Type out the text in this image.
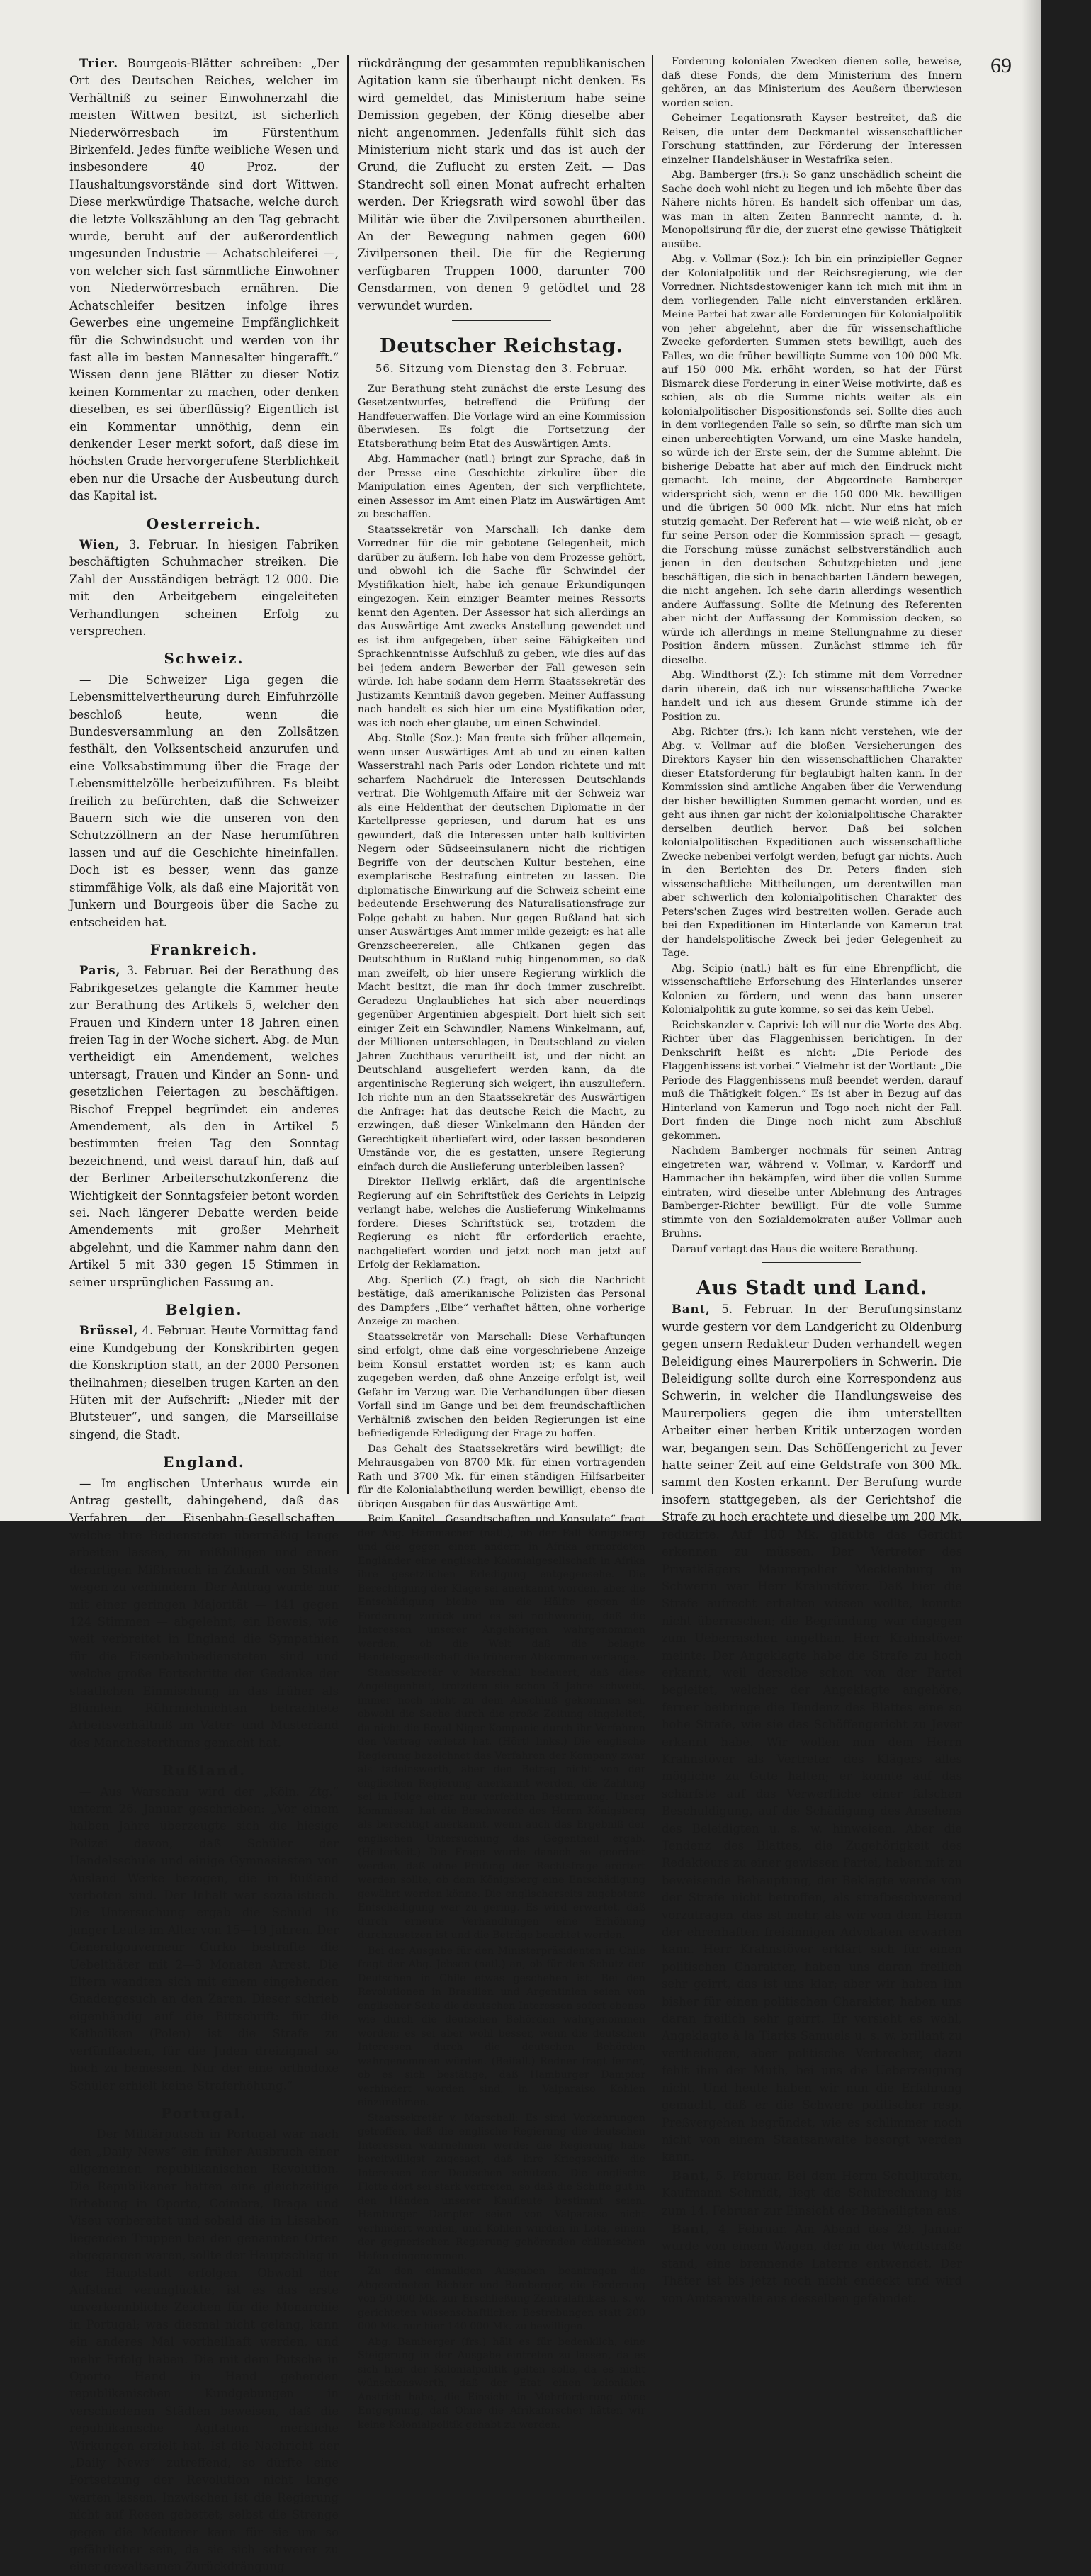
69

Trier. Bourgeois-Blätter schreiben: „Der Ort des Deutschen Reiches, welcher im Verhältniß zu seiner Einwohnerzahl die meisten Wittwen besitzt, ist sicherlich Niederwörresbach im Fürstenthum Birkenfeld. Jedes fünfte weibliche Wesen und insbesondere 40 Proz. der Haushaltungsvorstände sind dort Wittwen. Diese merkwürdige Thatsache, welche durch die letzte Volkszählung an den Tag gebracht wurde, beruht auf der außerordentlich ungesunden Industrie — Achatschleiferei —, von welcher sich fast sämmtliche Einwohner von Niederwörresbach ernähren. Die Achatschleifer besitzen infolge ihres Gewerbes eine ungemeine Empfänglichkeit für die Schwindsucht und werden von ihr fast alle im besten Mannesalter hingerafft.“ Wissen denn jene Blätter zu dieser Notiz keinen Kommentar zu machen, oder denken dieselben, es sei überflüssig? Eigentlich ist ein Kommentar unnöthig, denn ein denkender Leser merkt sofort, daß diese im höchsten Grade hervorgerufene Sterblichkeit eben nur die Ursache der Ausbeutung durch das Kapital ist.

Oesterreich.

Wien, 3. Februar. In hiesigen Fabriken beschäftigten Schuhmacher streiken. Die Zahl der Ausständigen beträgt 12 000. Die mit den Arbeitgebern eingeleiteten Verhandlungen scheinen Erfolg zu versprechen.

Schweiz.

— Die Schweizer Liga gegen die Lebensmittelvertheurung durch Einfuhrzölle beschloß heute, wenn die Bundesversammlung an den Zollsätzen festhält, den Volksentscheid anzurufen und eine Volksabstimmung über die Frage der Lebensmittelzölle herbeizuführen. Es bleibt freilich zu befürchten, daß die Schweizer Bauern sich wie die unseren von den Schutzzöllnern an der Nase herumführen lassen und auf die Geschichte hineinfallen. Doch ist es besser, wenn das ganze stimmfähige Volk, als daß eine Majorität von Junkern und Bourgeois über die Sache zu entscheiden hat.

Frankreich.

Paris, 3. Februar. Bei der Berathung des Fabrikgesetzes gelangte die Kammer heute zur Berathung des Artikels 5, welcher den Frauen und Kindern unter 18 Jahren einen freien Tag in der Woche sichert. Abg. de Mun vertheidigt ein Amendement, welches untersagt, Frauen und Kinder an Sonn- und gesetzlichen Feiertagen zu beschäftigen. Bischof Freppel begründet ein anderes Amendement, als den in Artikel 5 bestimmten freien Tag den Sonntag bezeichnend, und weist darauf hin, daß auf der Berliner Arbeiterschutzkonferenz die Wichtigkeit der Sonntagsfeier betont worden sei. Nach längerer Debatte werden beide Amendements mit großer Mehrheit abgelehnt, und die Kammer nahm dann den Artikel 5 mit 330 gegen 15 Stimmen in seiner ursprünglichen Fassung an.

Belgien.

Brüssel, 4. Februar. Heute Vormittag fand eine Kundgebung der Konskribirten gegen die Konskription statt, an der 2000 Personen theilnahmen; dieselben trugen Karten an den Hüten mit der Aufschrift: „Nieder mit der Blutsteuer“, und sangen, die Marseillaise singend, die Stadt.

England.

— Im englischen Unterhaus wurde ein Antrag gestellt, dahingehend, daß das Verfahren der Eisenbahn-Gesellschaften, welche ihre Bediensteten übermäßig lange arbeiten lassen, zu mißbilligen und einen derartigen Mißbrauch in Zukunft von Staats wegen zu verhindern. Der Antrag wurde nur mit einer geringen Majorität — 141 gegen 124 Stimmen — abgelehnt; ein Beweis, wie weit verbreitet in England die Sympathien für die Eisenbahnbediensteten sind und welche große Fortschritte der Gedanke der staatlichen Einmischung in das früher als Blümlein Rührmichnichtan betrachtete Arbeitsverhältniß im Vater- und Musterland des Manchesterthums gemacht hat.

Rußland.

— Aus Warschau wird der „Köln. Ztg.“ unterm 26. Januar geschrieben: „Vor einem halben Jahre überzeugte sich die hiesige Polizei davon, daß Schüler der Handelsschule und einige Gymnasiasten von Ausland Werke bezogen, die in Rußland verboten sind. Der Inhalt war sozialistisch. Die Untersuchung ergab die Schuld 16 junger Leute im Alter von 15—19 Jahren. Der Generalgouverneur Gurko bestrafte die Uebelthäter mit 2—3 Monaten Arrest. Die Eltern wandten sich mit einem eingehenden Gnadengesuch an den Zaren. Dieser schrieb eigenhändig auf die Bittschrift: für die Katholiken (Polen) ist die Strafe zu verfünffachen, für die Juden dreizigmal so hoch zu bemessen. Nur der eine orthodoxe Schüler erhielt keine Straferhöhung.“

Portugal.

— Der Militärputsch in Portugal war nach den „Daily News“ ein früher Ausbruch einer allgemeinen republikanischen Revolution. Die Republikaner hatten eine gleichzeitige Erhebung in Oporto, Coimbra, Braga und Viseu vorbereitet und sobald die in Lissabon liegenden Truppen bei den genannten Orten abgegangen waren, sollte der Hauptschlag in der Hauptstadt erfolgen. Obwohl der Aufstand verunglückte, ist es das erste unverkennbliche Zeichen für die Monarchie in Portugal; was diesmal nicht gelang, kann ein anderes Mal vortheilhaft werden, und mehr Erfolg haben. Die mit dem Putsche in Oporto Hand in Hand gehenden republikanischen Kundgebungen in verschiedenen Städten beweisen, daß die republikanische Agitation merkliche Wirkungen erzielt hat. Ist die Nachricht der „Daily News“ zutreffend, so dürfte eine Fortsetzung der Revolution nicht lange warten lassen. Inzwischen ist die Regierung nicht auf Rosen gebettet; selbst die Strenge gegen die Meuterer kann für sie um so gefährlicher sein, da sie sich schwerer zu einer gewaltsamen Zurückdrängung

rückdrängung der gesammten republikanischen Agitation kann sie überhaupt nicht denken. Es wird gemeldet, das Ministerium habe seine Demission gegeben, der König dieselbe aber nicht angenommen. Jedenfalls fühlt sich das Ministerium nicht stark und das ist auch der Grund, die Zuflucht zu ersten Zeit. — Das Standrecht soll einen Monat aufrecht erhalten werden. Der Kriegsrath wird sowohl über das Militär wie über die Zivilpersonen aburtheilen. An der Bewegung nahmen gegen 600 Zivilpersonen theil. Die für die Regierung verfügbaren Truppen 1000, darunter 700 Gensdarmen, von denen 9 getödtet und 28 verwundet wurden.

Deutscher Reichstag.
56. Sitzung vom Dienstag den 3. Februar.

Zur Berathung steht zunächst die erste Lesung des Gesetzentwurfes, betreffend die Prüfung der Handfeuerwaffen. Die Vorlage wird an eine Kommission überwiesen. Es folgt die Fortsetzung der Etatsberathung beim Etat des Auswärtigen Amts.

Abg. Hammacher (natl.) bringt zur Sprache, daß in der Presse eine Geschichte zirkulire über die Manipulation eines Agenten, der sich verpflichtete, einen Assessor im Amt einen Platz im Auswärtigen Amt zu beschaffen.

Staatssekretär von Marschall: Ich danke dem Vorredner für die mir gebotene Gelegenheit, mich darüber zu äußern. Ich habe von dem Prozesse gehört, und obwohl ich die Sache für Schwindel der Mystifikation hielt, habe ich genaue Erkundigungen eingezogen. Kein einziger Beamter meines Ressorts kennt den Agenten. Der Assessor hat sich allerdings an das Auswärtige Amt zwecks Anstellung gewendet und es ist ihm aufgegeben, über seine Fähigkeiten und Sprachkenntnisse Aufschluß zu geben, wie dies auf das bei jedem andern Bewerber der Fall gewesen sein würde. Ich habe sodann dem Herrn Staatssekretär des Justizamts Kenntniß davon gegeben. Meiner Auffassung nach handelt es sich hier um eine Mystifikation oder, was ich noch eher glaube, um einen Schwindel.

Abg. Stolle (Soz.): Man freute sich früher allgemein, wenn unser Auswärtiges Amt ab und zu einen kalten Wasserstrahl nach Paris oder London richtete und mit scharfem Nachdruck die Interessen Deutschlands vertrat. Die Wohlgemuth-Affaire mit der Schweiz war als eine Heldenthat der deutschen Diplomatie in der Kartellpresse gepriesen, und darum hat es uns gewundert, daß die Interessen unter halb kultivirten Negern oder Südseeinsulanern nicht die richtigen Begriffe von der deutschen Kultur bestehen, eine exemplarische Bestrafung eintreten zu lassen. Die diplomatische Einwirkung auf die Schweiz scheint eine bedeutende Erschwerung des Naturalisationsfrage zur Folge gehabt zu haben. Nur gegen Rußland hat sich unser Auswärtiges Amt immer milde gezeigt; es hat alle Grenzscheerereien, alle Chikanen gegen das Deutschthum in Rußland ruhig hingenommen, so daß man zweifelt, ob hier unsere Regierung wirklich die Macht besitzt, die man ihr doch immer zuschreibt. Geradezu Unglaubliches hat sich aber neuerdings gegenüber Argentinien abgespielt. Dort hielt sich seit einiger Zeit ein Schwindler, Namens Winkelmann, auf, der Millionen unterschlagen, in Deutschland zu vielen Jahren Zuchthaus verurtheilt ist, und der nicht an Deutschland ausgeliefert werden kann, da die argentinische Regierung sich weigert, ihn auszuliefern. Ich richte nun an den Staatssekretär des Auswärtigen die Anfrage: hat das deutsche Reich die Macht, zu erzwingen, daß dieser Winkelmann den Händen der Gerechtigkeit überliefert wird, oder lassen besonderen Umstände vor, die es gestatten, unsere Regierung einfach durch die Auslieferung unterbleiben lassen?

Direktor Hellwig erklärt, daß die argentinische Regierung auf ein Schriftstück des Gerichts in Leipzig verlangt habe, welches die Auslieferung Winkelmanns fordere. Dieses Schriftstück sei, trotzdem die Regierung es nicht für erforderlich erachte, nachgeliefert worden und jetzt noch man jetzt auf Erfolg der Reklamation.

Abg. Sperlich (Z.) fragt, ob sich die Nachricht bestätige, daß amerikanische Polizisten das Personal des Dampfers „Elbe“ verhaftet hätten, ohne vorherige Anzeige zu machen.

Staatssekretär von Marschall: Diese Verhaftungen sind erfolgt, ohne daß eine vorgeschriebene Anzeige beim Konsul erstattet worden ist; es kann auch zugegeben werden, daß ohne Anzeige erfolgt ist, weil Gefahr im Verzug war. Die Verhandlungen über diesen Vorfall sind im Gange und bei dem freundschaftlichen Verhältniß zwischen den beiden Regierungen ist eine befriedigende Erledigung der Frage zu hoffen.

Das Gehalt des Staatssekretärs wird bewilligt; die Mehrausgaben von 8700 Mk. für einen vortragenden Rath und 3700 Mk. für einen ständigen Hilfsarbeiter für die Kolonialabtheilung werden bewilligt, ebenso die übrigen Ausgaben für das Auswärtige Amt.

Beim Kapitel „Gesandtschaften und Konsulate“ fragt der Abg. Hammacher (natl.), ob der Fall Königsberg und die gegen einen andern in Afrika ermordeten Engländer eine englische Kolonialgesellschaft in Afrika ihre gesetzlichen Erledigung entgegensehe. Die Berechtigung der Klage sei anerkannt worden, aber die Entschädigung bleibe um die Hälfte gegen die Forderung zurück und es sei nothwendig, daß die Interessen unserer Angehörigen wahrgenommen werden, ob die Welt daß die belagte Handelsgesellschaft die früheren Abkommen verlange.

Staatssekretär v. Marschall bedauert, daß diese Angelegenheit, trotzdem sie schon 3 Jahre schwebt, immer noch nicht zu dem Abschluß gekommen sei, obwohl die Sache durch die große Zeitung eingeleitet, da nicht die Royal Niger Kompanie durch ihr Verfahren den Vertrag verletzt hat. (Hört! links.) Die englische Regierung bezeichnet das Verfahren der Kompany zwar als tadelnswerth, aber den Betrag nicht von der englischen Regierung anerkannt werden, die Zahlung sei in Folge einer nur verfehlten Bestimmung. Unser Kommissar hat die Beschwerde des Herrn Königsberg als berechtigt anerkannt, wenn auch das Ergebniß der englischen Untersuchung das Gegentheil ergab. (Heiterkeit.) Die Frage wurde danach so geordnet werden, daß ohne Prüfung der Rechtsfrage erörtert werden sollte, ob dem Königsberg eine Entschädigung gewährt werden könne. Die englischerseits zugebotene Entschädigung war zu gering. Es wird erwartet, daß durch erneute Verhandlungen eine Erhöhung durchzusetzen ist und die Beträge beachtet werden.

Bei der Ausgabe für den Ministerpräsidenten in Chile fragt der Abg. Jebsen (natl.) an, ob für den Schutz der Deutschen in Chile etwas geschehen ist. Bei den Revolutionen in Brasilien und Argentinien seien von englischer Seite die deutschen Interessen sofort ebenso wie durch die deutschen Behörden wahrgenommen worden; es sei aber wohl besser, wenn die deutschen Interessen durch die deutschen Behörden wahrgenommen würden. (Beifall.) Redner fragt ferner, ob es sich bestätige, daß Hamburger Dampfer verhindert worden sind, in Valparaiso Kohlen einzunehmen.

Staatssekretär v. Marschall: Es sind Vorkehrungen getroffen, daß die englische Regierung die deutschen Interessen wahrnehmen werde; die Regierung habe bereitwilligst zugesagt, daß ihre Kriegsschiffe die Interessen der Deutschen schützen. Die englische Flotte dort sei stark vertreten, so daß die Schiffe gut in den Händen unserer Kaufleute bestimmt seien. Hamburger Dampfer seien von Valparaiso nicht verhindert worden, und Kohlen wurden in Lota, einem der gegnerischen Regierung gehörenden chilenischen Hafen eingenommen.

Zu den einmaligen Ausgaben beantragen die Abgeordneten Richter und Bamberger, die Forderung von 50 000 Mk. zur Erschließung Zentralafrikas u. s. w. gerichteten wissenschaftlichen Bestrebungen statt 200 000 Mk. nur hier 140 000 Mk. zu bewilligen.

Abg. Bamberger (frs.) hält es für bedenklich, eine Steigerung in der Ausgabe eintreten zu lassen, da es sich hier der Kolonialpolitik gelten solle, da es nicht wünschenswerth, daß der Etat einen kolonialen Anstrich habe, die Einsicht in Mehrforderung ohne Entgegnung, daß Ohne die Afrikaforscher hätten wir keine Kolonialpolitik gehabt zu werden.

Forderung kolonialen Zwecken dienen solle, beweise, daß diese Fonds, die dem Ministerium des Innern gehören, an das Ministerium des Aeußern überwiesen worden seien.

Geheimer Legationsrath Kayser bestreitet, daß die Reisen, die unter dem Deckmantel wissenschaftlicher Forschung stattfinden, zur Förderung der Interessen einzelner Handelshäuser in Westafrika seien.

Abg. Bamberger (frs.): So ganz unschädlich scheint die Sache doch wohl nicht zu liegen und ich möchte über das Nähere nichts hören. Es handelt sich offenbar um das, was man in alten Zeiten Bannrecht nannte, d. h. Monopolisirung für die, der zuerst eine gewisse Thätigkeit ausübe.

Abg. v. Vollmar (Soz.): Ich bin ein prinzipieller Gegner der Kolonialpolitik und der Reichsregierung, wie der Vorredner. Nichtsdestoweniger kann ich mich mit ihm in dem vorliegenden Falle nicht einverstanden erklären. Meine Partei hat zwar alle Forderungen für Kolonialpolitik von jeher abgelehnt, aber die für wissenschaftliche Zwecke geforderten Summen stets bewilligt, auch des Falles, wo die früher bewilligte Summe von 100 000 Mk. auf 150 000 Mk. erhöht worden, so hat der Fürst Bismarck diese Forderung in einer Weise motivirte, daß es schien, als ob die Summe nichts weiter als ein kolonialpolitischer Dispositionsfonds sei. Sollte dies auch in dem vorliegenden Falle so sein, so dürfte man sich um einen unberechtigten Vorwand, um eine Maske handeln, so würde ich der Erste sein, der die Summe ablehnt. Die bisherige Debatte hat aber auf mich den Eindruck nicht gemacht. Ich meine, der Abgeordnete Bamberger widerspricht sich, wenn er die 150 000 Mk. bewilligen und die übrigen 50 000 Mk. nicht. Nur eins hat mich stutzig gemacht. Der Referent hat — wie weiß nicht, ob er für seine Person oder die Kommission sprach — gesagt, die Forschung müsse zunächst selbstverständlich auch jenen in den deutschen Schutzgebieten und jene beschäftigen, die sich in benachbarten Ländern bewegen, die nicht angehen. Ich sehe darin allerdings wesentlich andere Auffassung. Sollte die Meinung des Referenten aber nicht der Auffassung der Kommission decken, so würde ich allerdings in meine Stellungnahme zu dieser Position ändern müssen. Zunächst stimme ich für dieselbe.

Abg. Windthorst (Z.): Ich stimme mit dem Vorredner darin überein, daß ich nur wissenschaftliche Zwecke handelt und ich aus diesem Grunde stimme ich der Position zu.

Abg. Richter (frs.): Ich kann nicht verstehen, wie der Abg. v. Vollmar auf die bloßen Versicherungen des Direktors Kayser hin den wissenschaftlichen Charakter dieser Etatsforderung für beglaubigt halten kann. In der Kommission sind amtliche Angaben über die Verwendung der bisher bewilligten Summen gemacht worden, und es geht aus ihnen gar nicht der kolonialpolitische Charakter derselben deutlich hervor. Daß bei solchen kolonialpolitischen Expeditionen auch wissenschaftliche Zwecke nebenbei verfolgt werden, befugt gar nichts. Auch in den Berichten des Dr. Peters finden sich wissenschaftliche Mittheilungen, um derentwillen man aber schwerlich den kolonialpolitischen Charakter des Peters'schen Zuges wird bestreiten wollen. Gerade auch bei den Expeditionen im Hinterlande von Kamerun trat der handelspolitische Zweck bei jeder Gelegenheit zu Tage.

Abg. Scipio (natl.) hält es für eine Ehrenpflicht, die wissenschaftliche Erforschung des Hinterlandes unserer Kolonien zu fördern, und wenn das bann unserer Kolonialpolitik zu gute komme, so sei das kein Uebel.

Reichskanzler v. Caprivi: Ich will nur die Worte des Abg. Richter über das Flaggenhissen berichtigen. In der Denkschrift heißt es nicht: „Die Periode des Flaggenhissens ist vorbei.“ Vielmehr ist der Wortlaut: „Die Periode des Flaggenhissens muß beendet werden, darauf muß die Thätigkeit folgen.“ Es ist aber in Bezug auf das Hinterland von Kamerun und Togo noch nicht der Fall. Dort finden die Dinge noch nicht zum Abschluß gekommen.

Nachdem Bamberger nochmals für seinen Antrag eingetreten war, während v. Vollmar, v. Kardorff und Hammacher ihn bekämpfen, wird über die vollen Summe eintraten, wird dieselbe unter Ablehnung des Antrages Bamberger-Richter bewilligt. Für die volle Summe stimmte von den Sozialdemokraten außer Vollmar auch Bruhns.

Darauf vertagt das Haus die weitere Berathung.

Aus Stadt und Land.

Bant, 5. Februar. In der Berufungsinstanz wurde gestern vor dem Landgericht zu Oldenburg gegen unsern Redakteur Duden verhandelt wegen Beleidigung eines Maurerpoliers in Schwerin. Die Beleidigung sollte durch eine Korrespondenz aus Schwerin, in welcher die Handlungsweise des Maurerpoliers gegen die ihm unterstellten Arbeiter einer herben Kritik unterzogen worden war, begangen sein. Das Schöffengericht zu Jever hatte seiner Zeit auf eine Geldstrafe von 300 Mk. sammt den Kosten erkannt. Der Berufung wurde insofern stattgegeben, als der Gerichtshof die Strafe zu hoch erachtete und dieselbe um 200 Mk. reduzirte. Auf 100 Mk. glaubte das Gericht erkennen zu müssen. Der Vertreter des Privatklägers Maurerpolier Mecklenburg in Schwerin war Herr Krahnstöver. Daß hier die Strafe aufrecht erhalten wissen wollte, konnte nicht überraschen; die Begründung war dagegen zum Ueberraschen angethan. Herr Krahnstöver meinte: Der Angeklagte habe die Strafe zu hoch erkannt, weil derselbe schon von der Partei begleitet, welcher der Angeklagte angehöre, ferner beibringe die Tendenz des Blattes eine so hohe Strafe, wie sie das Schöffengericht zu Jever erkannt habe. Wir wollen nun dem Herrn Krahnstöver als Vertreter des Klägers alles mögliche zu Gute halten; er konnte auf das schärfste auf das Verwerfliche einer falschen Beschuldigung, auf die Schädigung des Ansehens des Beleidigten u. s. w. hinweisen. Aber die Tendenz des Blattes, die Zugehörigkeit des Redakteurs zu einer gewissen Partei, haben mit zu beweisende Behauptung, der Beklagte werde von der Strafe nicht betroffen, als strafbeschwerend vorzutragen, das ist mehr, als wir von dem Herrn der ehrenhaften freisinnigen Advokaten erwarten kann. Herr Krahnstöver erklärt sich für einen politischen Charakter, haben uns daran freilich sehr geirrt, das ist uns klar; aber wir haben ihn bisher für einen politischen Charakter, haben uns daran freilich sehr geirrt. Er versieht es wohl, Angeklagte à la Tiarks Samuels u. s. w. brillant zu vertheidigen, aber politische Verbrecher, dazu fehlt ihm der Muth, bei uns die Ueberzeugung nicht. Und heute haben wir nun die Erfahrung gemacht, daß er die Schwere politischer resp. Preßvergehen begründet, wie es schlimmer noch nicht von einem Staatsanwalte besorgt werden kann.

Bant, 5. Februar. Bei dem Herrn Schuljuraten, Kaufmann Schmidt, liegt die Schulrechnung bis zum 14. Februar zur Einsicht der Betheiligten aus.

Bant, 4. Februar. Am Abend des 29. Januar wurde von einem Wagen, der in der Werftstraße stand, eine brennende Laterne entwendet. Der Thäter ist bis jetzt noch nicht endeckt und wird von Amtsanwalte aus desselben gefahndet.
